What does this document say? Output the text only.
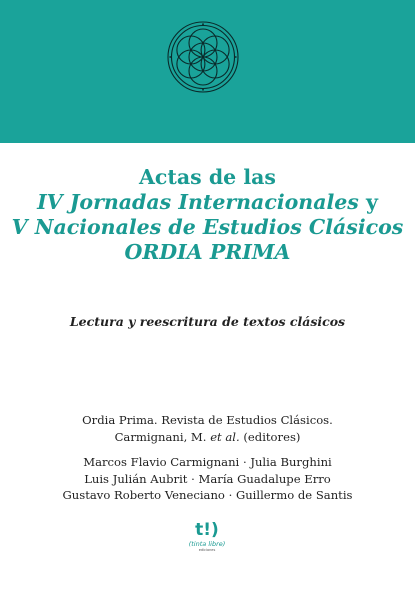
Actas de las
IV Jornadas Internacionales y
V Nacionales de Estudios Clásicos
ORDIA PRIMA
Lectura y reescritura de textos clásicos
Ordia Prima. Revista de Estudios Clásicos.
Carmignani, M. et al. (editores)
Marcos Flavio Carmignani · Julia Burghini
Luis Julián Aubrit · María Guadalupe Erro
Gustavo Roberto Veneciano · Guillermo de Santis
t!)
(tinta libre)
ediciones
